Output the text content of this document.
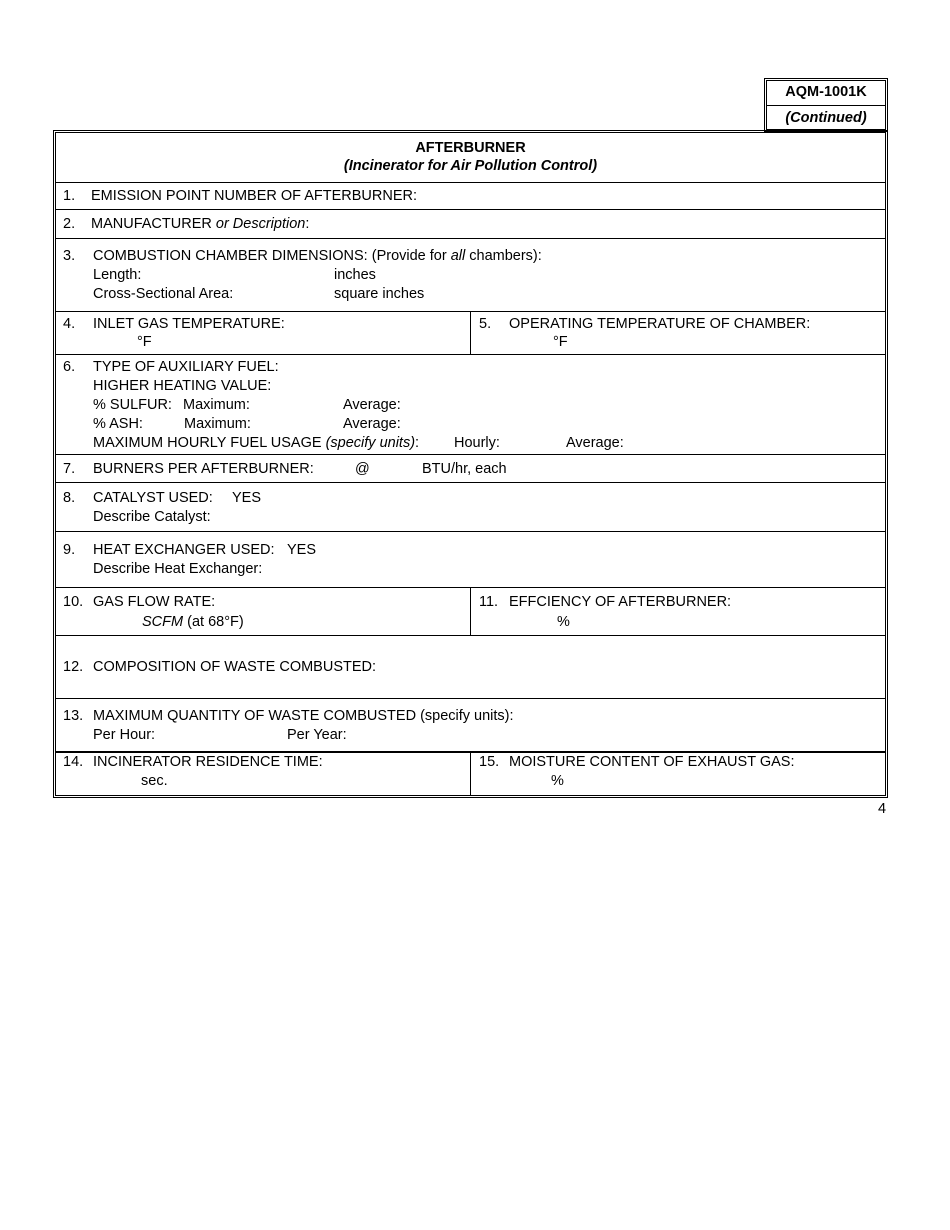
AQM-1001K
(Continued)
AFTERBURNER
(Incinerator for Air Pollution Control)
1. EMISSION POINT NUMBER OF AFTERBURNER:
2. MANUFACTURER or Description:
3. COMBUSTION CHAMBER DIMENSIONS: (Provide for all chambers):
Length:	inches
Cross-Sectional Area:	square inches
4. INLET GAS TEMPERATURE:
°F
5. OPERATING TEMPERATURE OF CHAMBER:
°F
6. TYPE OF AUXILIARY FUEL:
HIGHER HEATING VALUE:
% SULFUR: Maximum:	Average:
% ASH:	Maximum:	Average:
MAXIMUM HOURLY FUEL USAGE (specify units): Hourly:	Average:
7. BURNERS PER AFTERBURNER:	@	BTU/hr, each
8. CATALYST USED: YES
Describe Catalyst:
9. HEAT EXCHANGER USED: YES
Describe Heat Exchanger:
10. GAS FLOW RATE:
SCFM (at 68°F)
11. EFFCIENCY OF AFTERBURNER:
%
12. COMPOSITION OF WASTE COMBUSTED:
13. MAXIMUM QUANTITY OF WASTE COMBUSTED (specify units):
Per Hour:	Per Year:
14. INCINERATOR RESIDENCE TIME:
sec.
15. MOISTURE CONTENT OF EXHAUST GAS:
%
4
